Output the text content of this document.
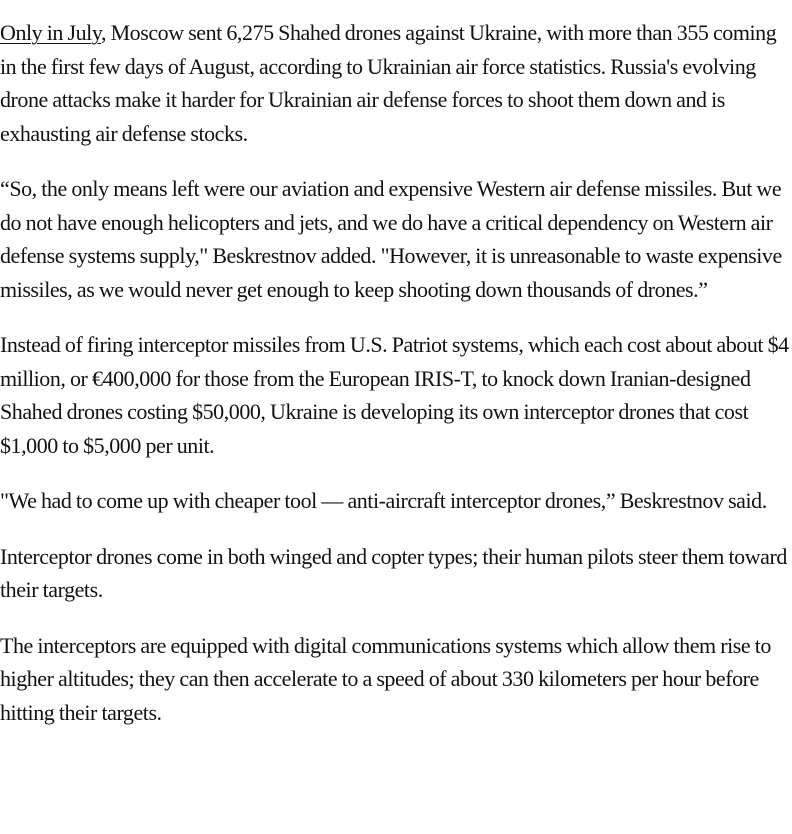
Only in July, Moscow sent 6,275 Shahed drones against Ukraine, with more than 355 coming in the first few days of August, according to Ukrainian air force statistics. Russia's evolving drone attacks make it harder for Ukrainian air defense forces to shoot them down and is exhausting air defense stocks.

“So, the only means left were our aviation and expensive Western air defense missiles. But we do not have enough helicopters and jets, and we do have a critical dependency on Western air defense systems supply," Beskrestnov added. "However, it is unreasonable to waste expensive missiles, as we would never get enough to keep shooting down thousands of drones.”

Instead of firing interceptor missiles from U.S. Patriot systems, which each cost about about $4 million, or €400,000 for those from the European IRIS-T, to knock down Iranian-designed Shahed drones costing $50,000, Ukraine is developing its own interceptor drones that cost $1,000 to $5,000 per unit.

"We had to come up with cheaper tool — anti-aircraft interceptor drones,” Beskrestnov said.

Interceptor drones come in both winged and copter types; their human pilots steer them toward their targets.

The interceptors are equipped with digital communications systems which allow them rise to higher altitudes; they can then accelerate to a speed of about 330 kilometers per hour before hitting their targets.
